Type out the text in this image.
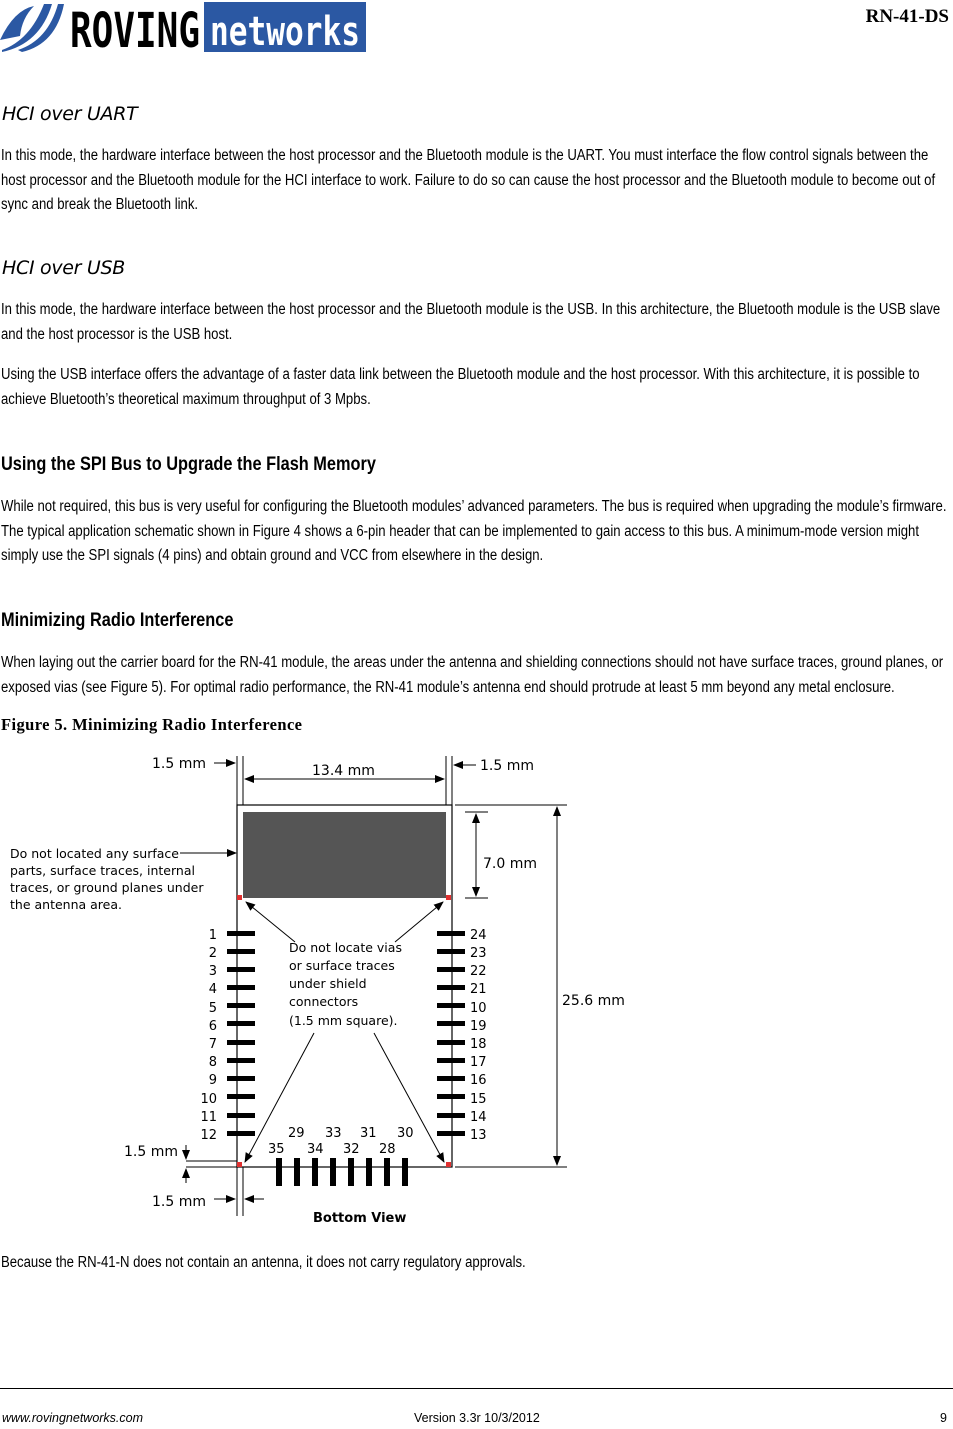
ROVING networks	RN-41-DS
HCI over UART

In this mode, the hardware interface between the host processor and the Bluetooth module is the UART. You must interface the flow control signals between the host processor and the Bluetooth module for the HCI interface to work. Failure to do so can cause the host processor and the Bluetooth module to become out of sync and break the Bluetooth link.

HCI over USB

In this mode, the hardware interface between the host processor and the Bluetooth module is the USB. In this architecture, the Bluetooth module is the USB slave and the host processor is the USB host.

Using the USB interface offers the advantage of a faster data link between the Bluetooth module and the host processor. With this architecture, it is possible to achieve Bluetooth’s theoretical maximum throughput of 3 Mpbs.

Using the SPI Bus to Upgrade the Flash Memory

While not required, this bus is very useful for configuring the Bluetooth modules’ advanced parameters. The bus is required when upgrading the module’s firmware. The typical application schematic shown in Figure 4 shows a 6-pin header that can be implemented to gain access to this bus. A minimum-mode version might simply use the SPI signals (4 pins) and obtain ground and VCC from elsewhere in the design.

Minimizing Radio Interference

When laying out the carrier board for the RN-41 module, the areas under the antenna and shielding connections should not have surface traces, ground planes, or exposed vias (see Figure 5). For optimal radio performance, the RN-41 module’s antenna end should protrude at least 5 mm beyond any metal enclosure.

Figure 5. Minimizing Radio Interference
1.5 mm	13.4 mm	1.5 mm
25.6 mm
7.0 mm
Do not located any surface parts, surface traces, internal traces, or ground planes under the antenna area.
Do not locate vias or surface traces under shield connectors (1.5 mm square).
1
2
3
4
5
6
7
8
9
10
11
12
24
23
22
21
10
19
18
17
16
15
14
13
29 33 31 30
35 34 32 28
1.5 mm
1.5 mm
Bottom View

Because the RN-41-N does not contain an antenna, it does not carry regulatory approvals.

www.rovingnetworks.com	Version 3.3r 10/3/2012	9
